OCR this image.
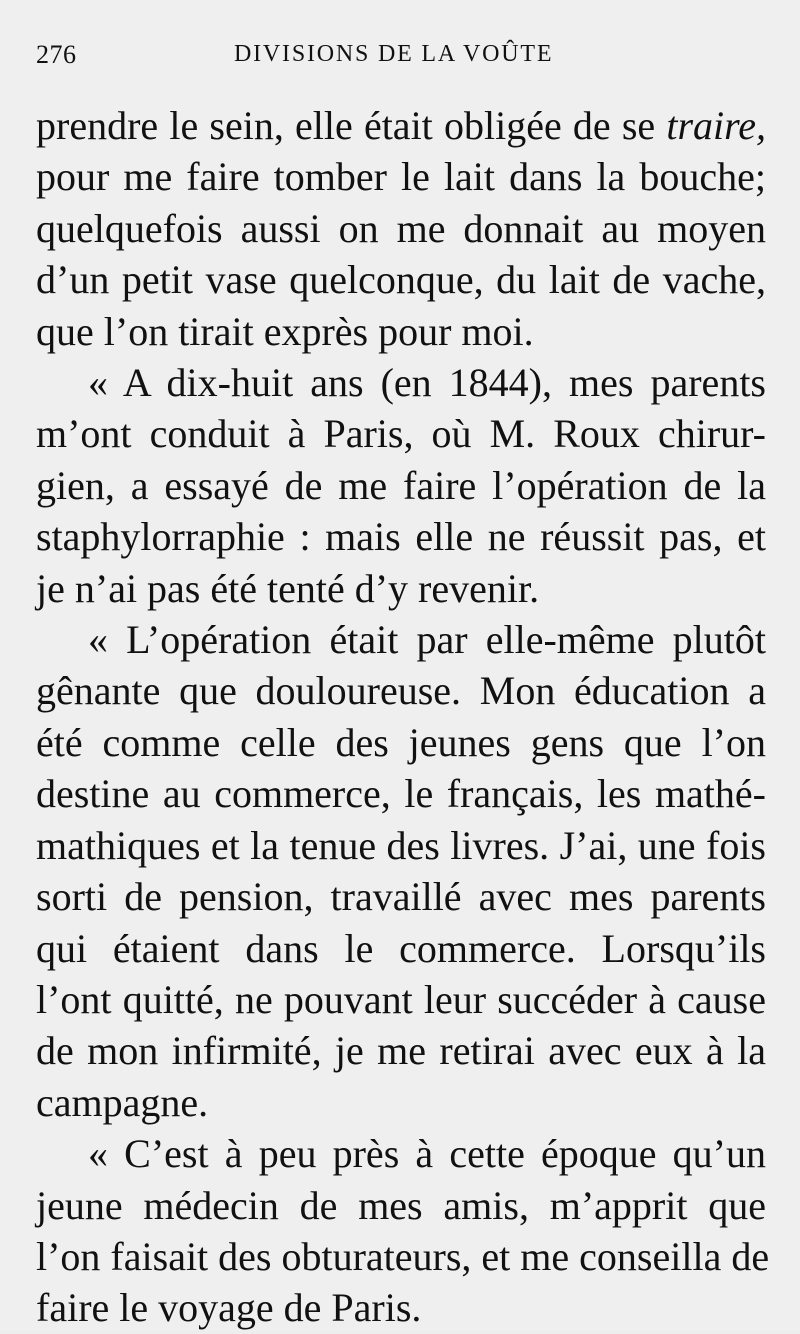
276	DIVISIONS DE LA VOÛTE
prendre le sein, elle était obligée de se traire,
pour me faire tomber le lait dans la bouche;
quelquefois aussi on me donnait au moyen
d’un petit vase quelconque, du lait de vache,
que l’on tirait exprès pour moi.
« A dix-huit ans (en 1844), mes parents
m’ont conduit à Paris, où M. Roux chirur-
gien, a essayé de me faire l’opération de la
staphylorraphie : mais elle ne réussit pas, et
je n’ai pas été tenté d’y revenir.
« L’opération était par elle-même plutôt
gênante que douloureuse. Mon éducation a
été comme celle des jeunes gens que l’on
destine au commerce, le français, les mathé-
mathiques et la tenue des livres. J’ai, une fois
sorti de pension, travaillé avec mes parents
qui étaient dans le commerce. Lorsqu’ils
l’ont quitté, ne pouvant leur succéder à cause
de mon infirmité, je me retirai avec eux à la
campagne.
« C’est à peu près à cette époque qu’un
jeune médecin de mes amis, m’apprit que
l’on faisait des obturateurs, et me conseilla de
faire le voyage de Paris.
